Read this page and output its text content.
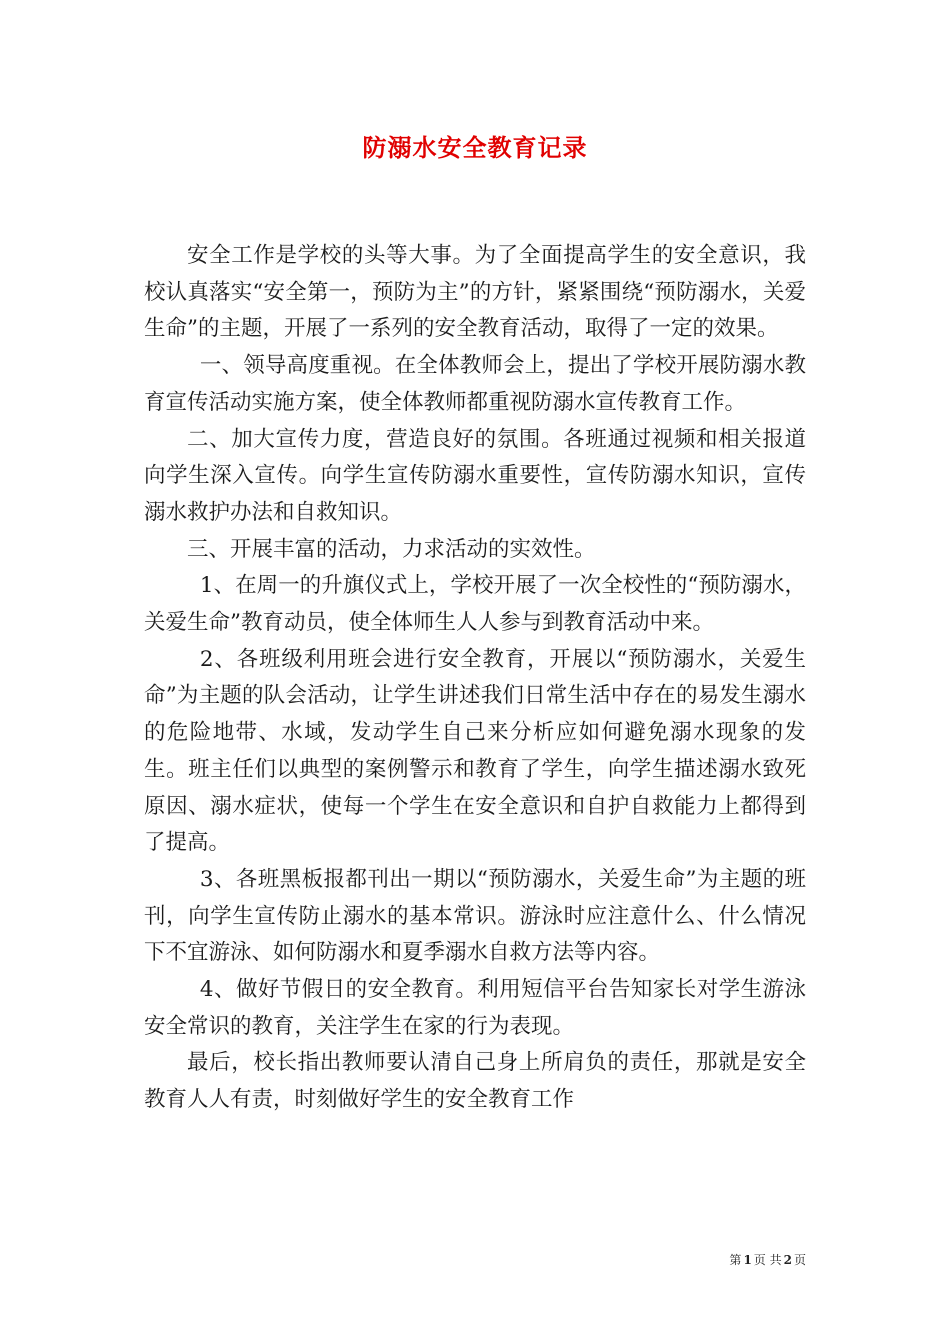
防溺水安全教育记录

安全工作是学校的头等大事。为了全面提高学生的安全意识，我校认真落实“安全第一，预防为主”的方针，紧紧围绕“预防溺水，关爱生命”的主题，开展了一系列的安全教育活动，取得了一定的效果。

一、领导高度重视。在全体教师会上，提出了学校开展防溺水教育宣传活动实施方案，使全体教师都重视防溺水宣传教育工作。

二、加大宣传力度，营造良好的氛围。各班通过视频和相关报道向学生深入宣传。向学生宣传防溺水重要性，宣传防溺水知识，宣传溺水救护办法和自救知识。

三、开展丰富的活动，力求活动的实效性。

1、在周一的升旗仪式上，学校开展了一次全校性的“预防溺水，关爱生命”教育动员，使全体师生人人参与到教育活动中来。

2、各班级利用班会进行安全教育，开展以“预防溺水，关爱生命”为主题的队会活动，让学生讲述我们日常生活中存在的易发生溺水的危险地带、水域，发动学生自己来分析应如何避免溺水现象的发生。班主任们以典型的案例警示和教育了学生，向学生描述溺水致死原因、溺水症状，使每一个学生在安全意识和自护自救能力上都得到了提高。

3、各班黑板报都刊出一期以“预防溺水，关爱生命”为主题的班刊，向学生宣传防止溺水的基本常识。游泳时应注意什么、什么情况下不宜游泳、如何防溺水和夏季溺水自救方法等内容。

4、做好节假日的安全教育。利用短信平台告知家长对学生游泳安全常识的教育，关注学生在家的行为表现。

最后，校长指出教师要认清自己身上所肩负的责任，那就是安全教育人人有责，时刻做好学生的安全教育工作

第 1 页 共 2 页
